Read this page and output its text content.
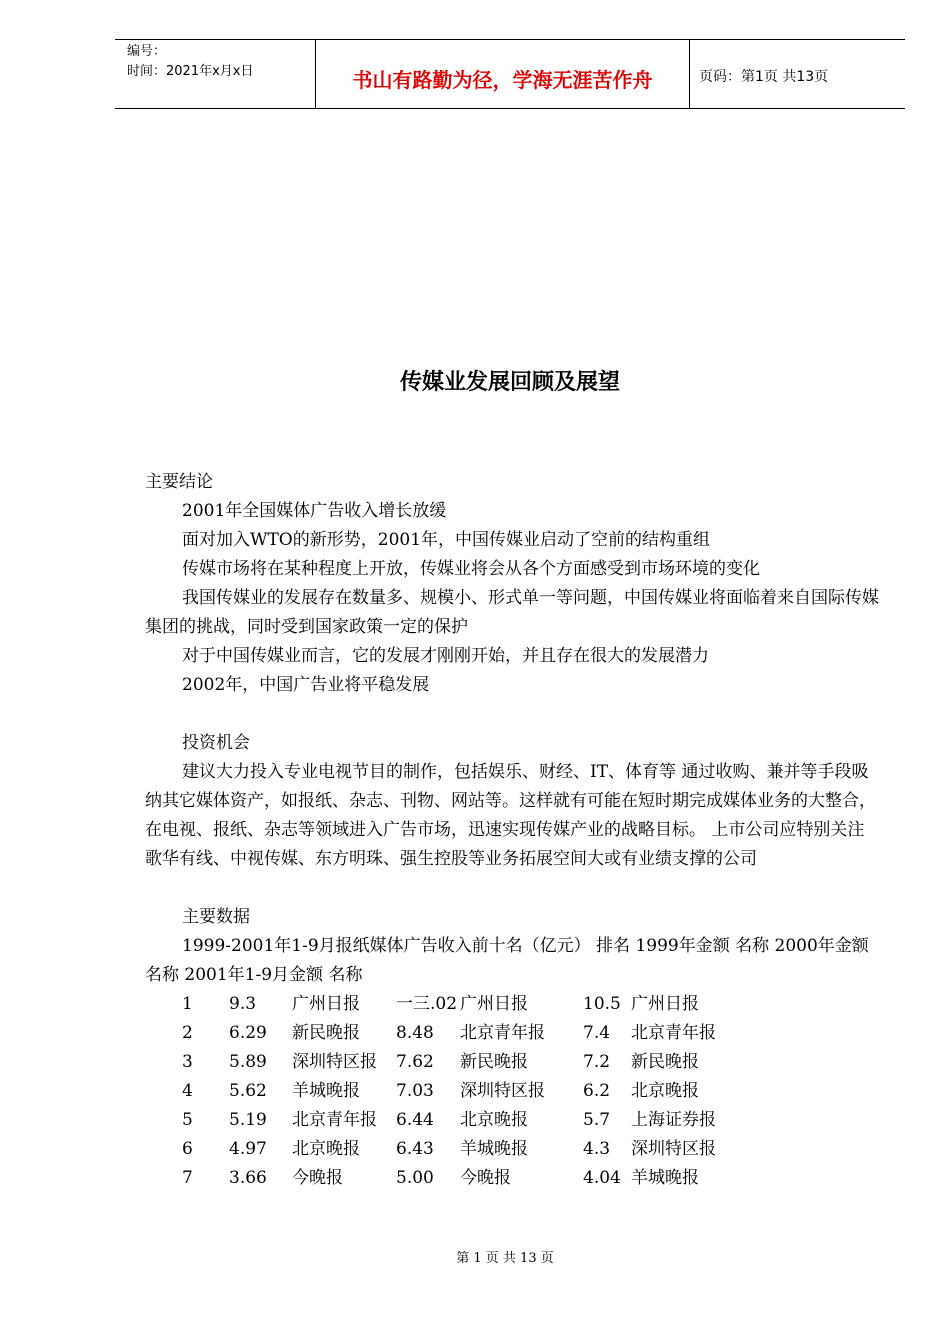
编号：
时间：2021年x月x日	书山有路勤为径，学海无涯苦作舟	页码：第1页 共13页
传媒业发展回顾及展望

主要结论

2001年全国媒体广告收入增长放缓

面对加入WTO的新形势，2001年，中国传媒业启动了空前的结构重组

传媒市场将在某种程度上开放，传媒业将会从各个方面感受到市场环境的变化

我国传媒业的发展存在数量多、规模小、形式单一等问题，中国传媒业将面临着来自国际传媒集团的挑战，同时受到国家政策一定的保护

对于中国传媒业而言，它的发展才刚刚开始，并且存在很大的发展潜力

2002年，中国广告业将平稳发展

投资机会

建议大力投入专业电视节目的制作，包括娱乐、财经、IT、体育等 通过收购、兼并等手段吸纳其它媒体资产，如报纸、杂志、刊物、网站等。这样就有可能在短时期完成媒体业务的大整合，在电视、报纸、杂志等领域进入广告市场，迅速实现传媒产业的战略目标。 上市公司应特别关注歌华有线、中视传媒、东方明珠、强生控股等业务拓展空间大或有业绩支撑的公司

主要数据

1999-2001年1-9月报纸媒体广告收入前十名（亿元） 排名 1999年金额 名称 2000年金额 名称 2001年1-9月金额 名称

1	9.3	广州日报	一三.02 广州日报	10.5 广州日报
2	6.29	新民晚报	8.48	北京青年报	7.4	北京青年报
3	5.89	深圳特区报	7.62	新民晚报	7.2	新民晚报
4	5.62	羊城晚报	7.03	深圳特区报	6.2	北京晚报
5	5.19	北京青年报	6.44	北京晚报	5.7	上海证券报
6	4.97	北京晚报	6.43	羊城晚报	4.3	深圳特区报
7	3.66	今晚报	5.00	今晚报	4.04 羊城晚报
第 1 页 共 13 页
